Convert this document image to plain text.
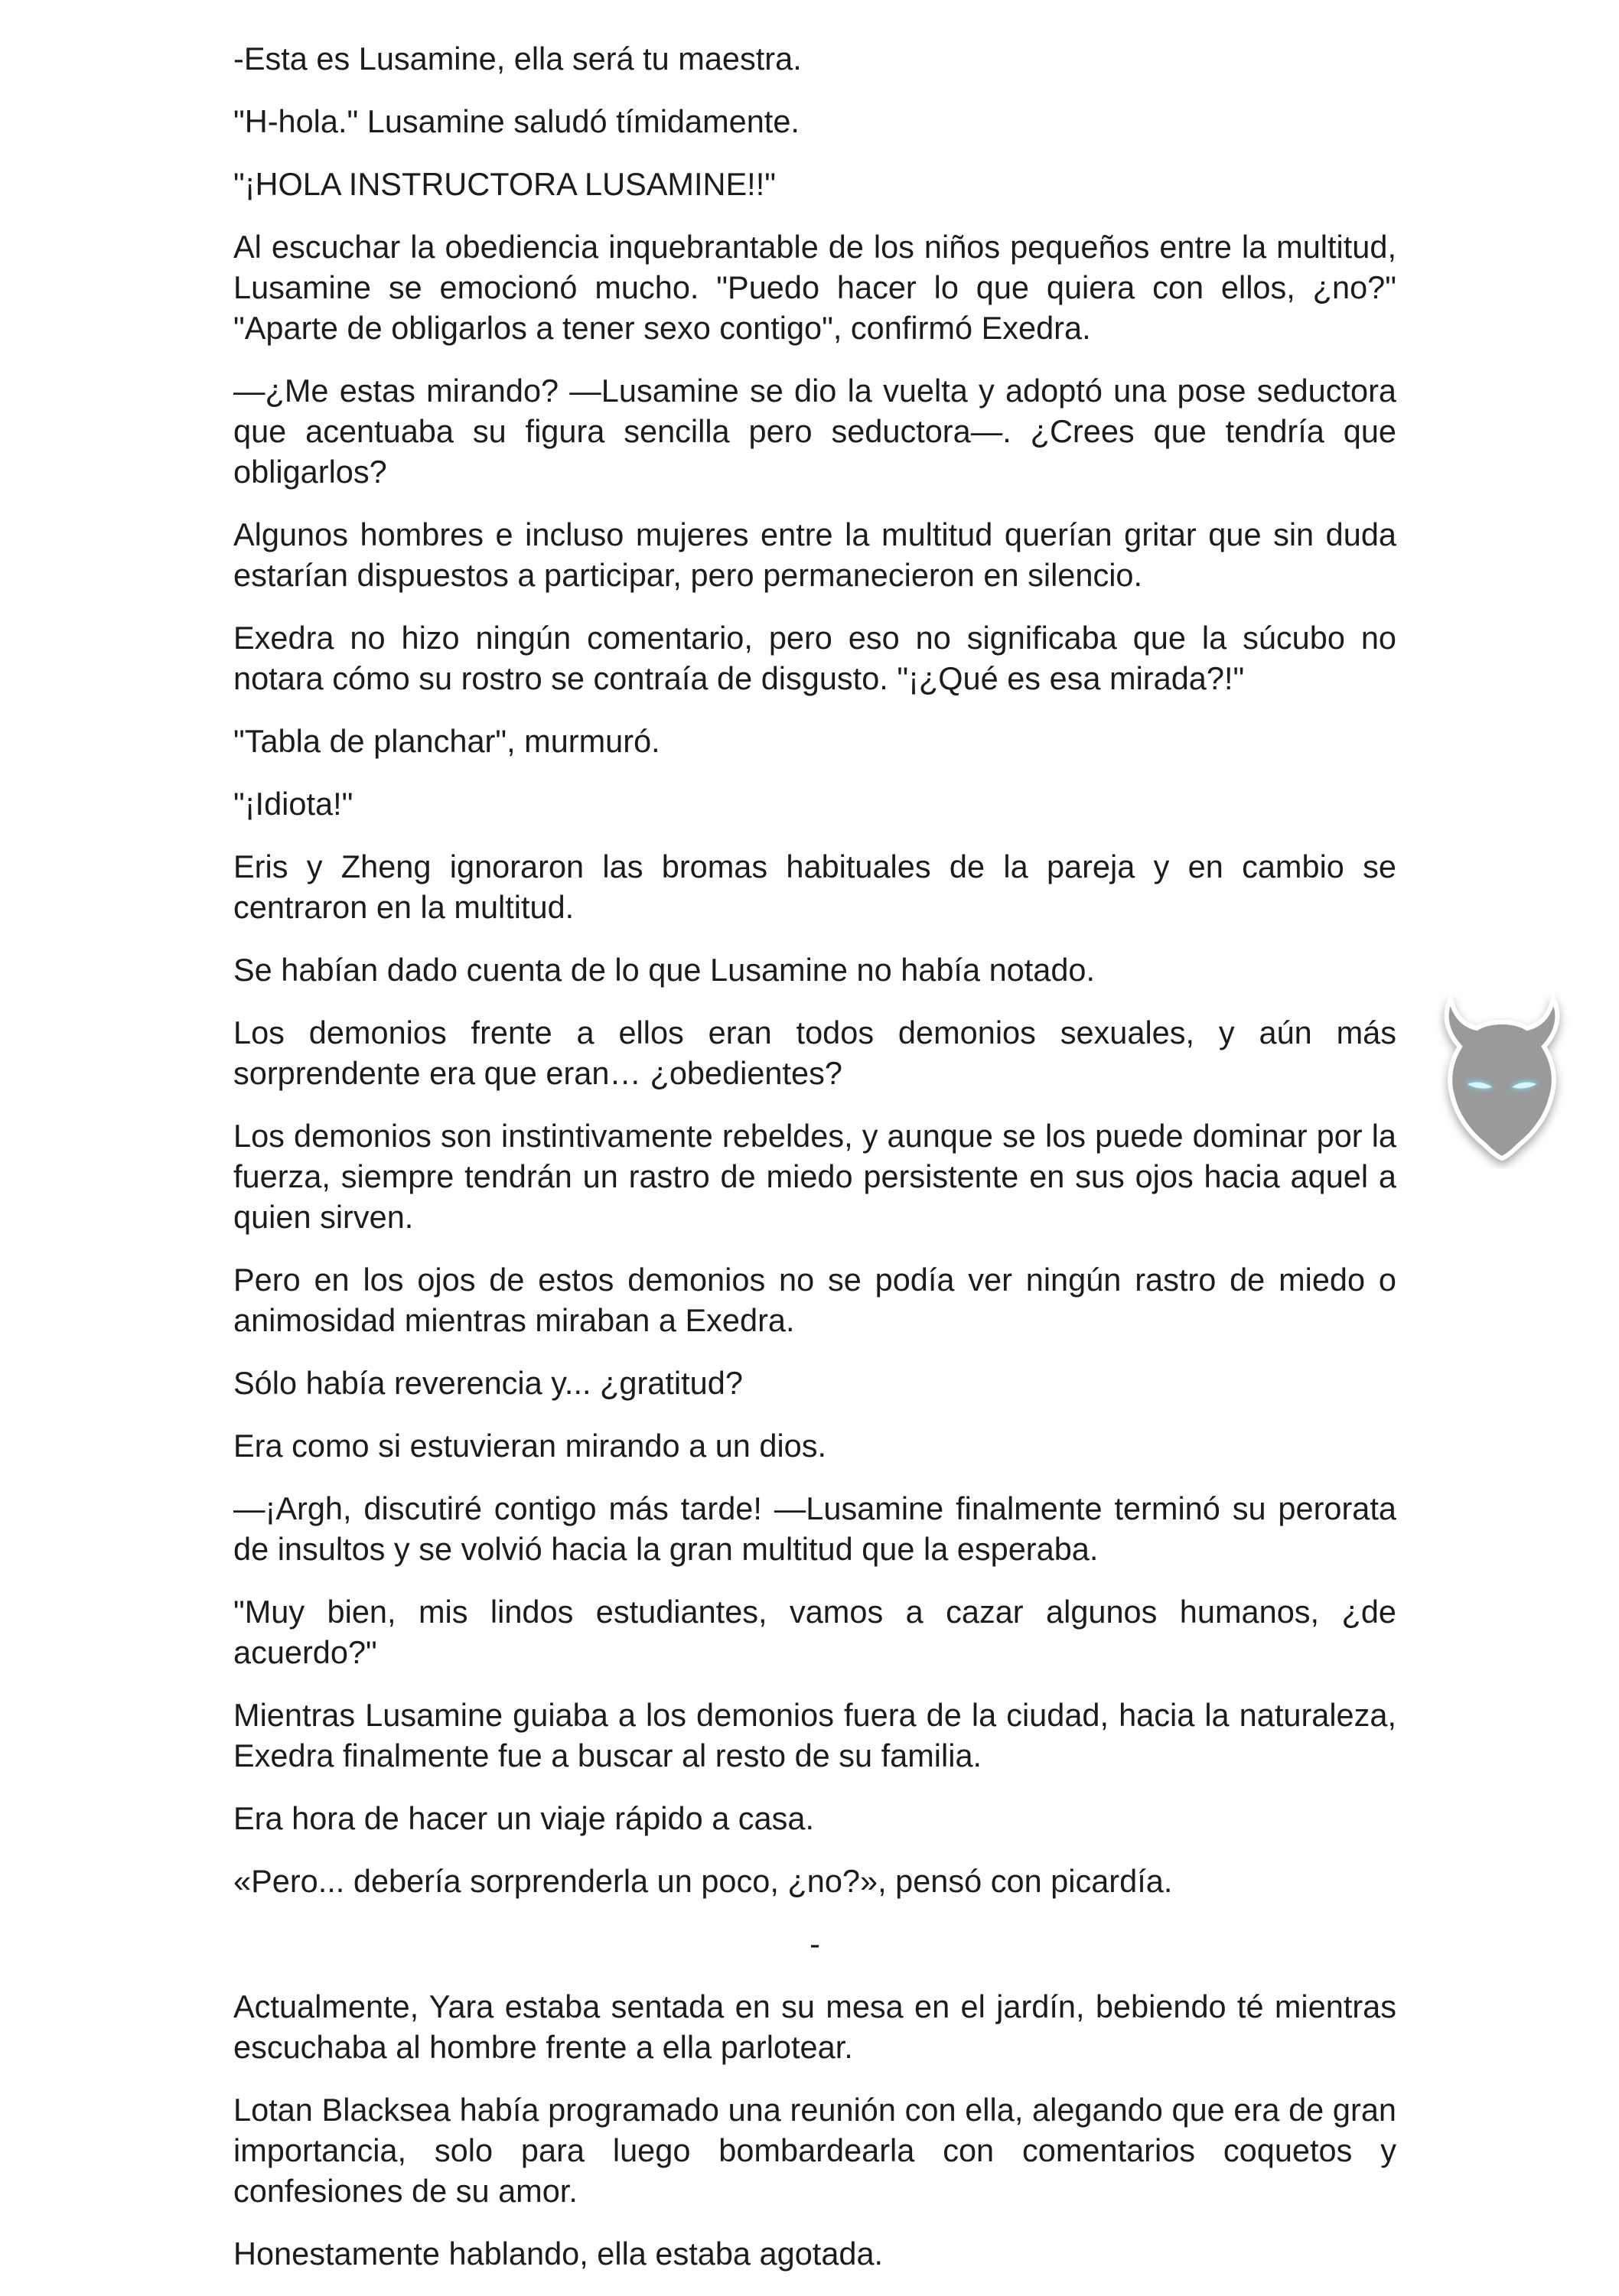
-Esta es Lusamine, ella será tu maestra.

"H-hola." Lusamine saludó tímidamente.

"¡HOLA INSTRUCTORA LUSAMINE!!"

Al escuchar la obediencia inquebrantable de los niños pequeños entre la multitud, Lusamine se emocionó mucho. "Puedo hacer lo que quiera con ellos, ¿no?" "Aparte de obligarlos a tener sexo contigo", confirmó Exedra.

—¿Me estas mirando? —Lusamine se dio la vuelta y adoptó una pose seductora que acentuaba su figura sencilla pero seductora—. ¿Crees que tendría que obligarlos?

Algunos hombres e incluso mujeres entre la multitud querían gritar que sin duda estarían dispuestos a participar, pero permanecieron en silencio.

Exedra no hizo ningún comentario, pero eso no significaba que la súcubo no notara cómo su rostro se contraía de disgusto. "¡¿Qué es esa mirada?!"

"Tabla de planchar", murmuró.

"¡Idiota!"

Eris y Zheng ignoraron las bromas habituales de la pareja y en cambio se centraron en la multitud.

Se habían dado cuenta de lo que Lusamine no había notado.

Los demonios frente a ellos eran todos demonios sexuales, y aún más sorprendente era que eran… ¿obedientes?

Los demonios son instintivamente rebeldes, y aunque se los puede dominar por la fuerza, siempre tendrán un rastro de miedo persistente en sus ojos hacia aquel a quien sirven.

Pero en los ojos de estos demonios no se podía ver ningún rastro de miedo o animosidad mientras miraban a Exedra.

Sólo había reverencia y... ¿gratitud?

Era como si estuvieran mirando a un dios.

—¡Argh, discutiré contigo más tarde! —Lusamine finalmente terminó su perorata de insultos y se volvió hacia la gran multitud que la esperaba.

"Muy bien, mis lindos estudiantes, vamos a cazar algunos humanos, ¿de acuerdo?"

Mientras Lusamine guiaba a los demonios fuera de la ciudad, hacia la naturaleza, Exedra finalmente fue a buscar al resto de su familia.

Era hora de hacer un viaje rápido a casa.

«Pero... debería sorprenderla un poco, ¿no?», pensó con picardía.

-

Actualmente, Yara estaba sentada en su mesa en el jardín, bebiendo té mientras escuchaba al hombre frente a ella parlotear.

Lotan Blacksea había programado una reunión con ella, alegando que era de gran importancia, solo para luego bombardearla con comentarios coquetos y confesiones de su amor.

Honestamente hablando, ella estaba agotada.
